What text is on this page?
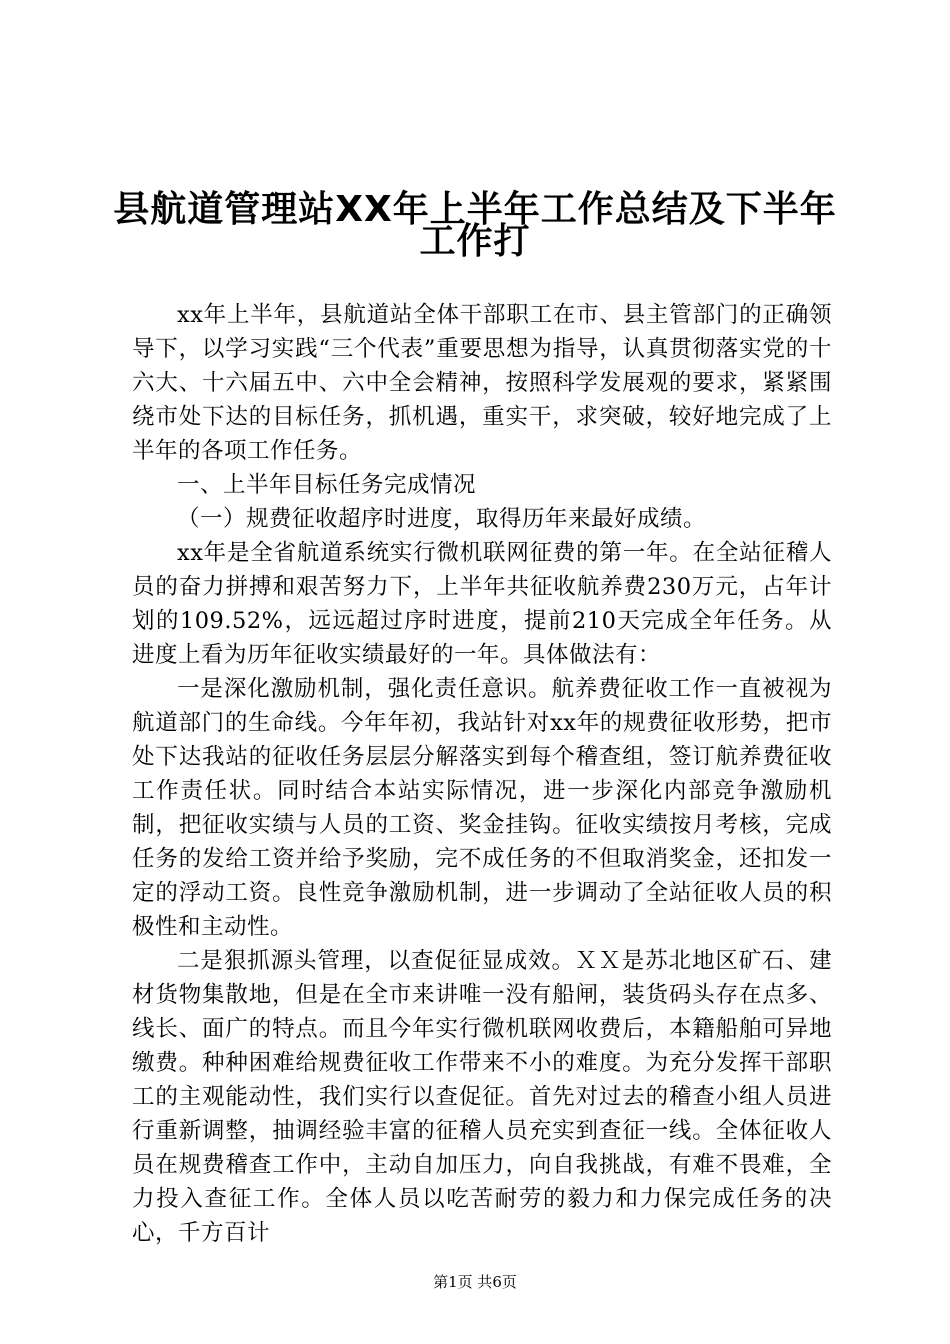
县航道管理站XX年上半年工作总结及下半年
工作打

xx年上半年，县航道站全体干部职工在市、县主管部门的正确领导下，以学习实践“三个代表”重要思想为指导，认真贯彻落实党的十六大、十六届五中、六中全会精神，按照科学发展观的要求，紧紧围绕市处下达的目标任务，抓机遇，重实干，求突破，较好地完成了上半年的各项工作任务。

一、上半年目标任务完成情况

（一）规费征收超序时进度，取得历年来最好成绩。

xx年是全省航道系统实行微机联网征费的第一年。在全站征稽人员的奋力拼搏和艰苦努力下，上半年共征收航养费230万元，占年计划的109.52%，远远超过序时进度，提前210天完成全年任务。从进度上看为历年征收实绩最好的一年。具体做法有：

一是深化激励机制，强化责任意识。航养费征收工作一直被视为航道部门的生命线。今年年初，我站针对xx年的规费征收形势，把市处下达我站的征收任务层层分解落实到每个稽查组，签订航养费征收工作责任状。同时结合本站实际情况，进一步深化内部竞争激励机制，把征收实绩与人员的工资、奖金挂钩。征收实绩按月考核，完成任务的发给工资并给予奖励，完不成任务的不但取消奖金，还扣发一定的浮动工资。良性竞争激励机制，进一步调动了全站征收人员的积极性和主动性。

二是狠抓源头管理，以查促征显成效。ＸＸ是苏北地区矿石、建材货物集散地，但是在全市来讲唯一没有船闸，装货码头存在点多、线长、面广的特点。而且今年实行微机联网收费后，本籍船舶可异地缴费。种种困难给规费征收工作带来不小的难度。为充分发挥干部职工的主观能动性，我们实行以查促征。首先对过去的稽查小组人员进行重新调整，抽调经验丰富的征稽人员充实到查征一线。全体征收人员在规费稽查工作中，主动自加压力，向自我挑战，有难不畏难，全力投入查征工作。全体人员以吃苦耐劳的毅力和力保完成任务的决心，千方百计

第1页 共6页
